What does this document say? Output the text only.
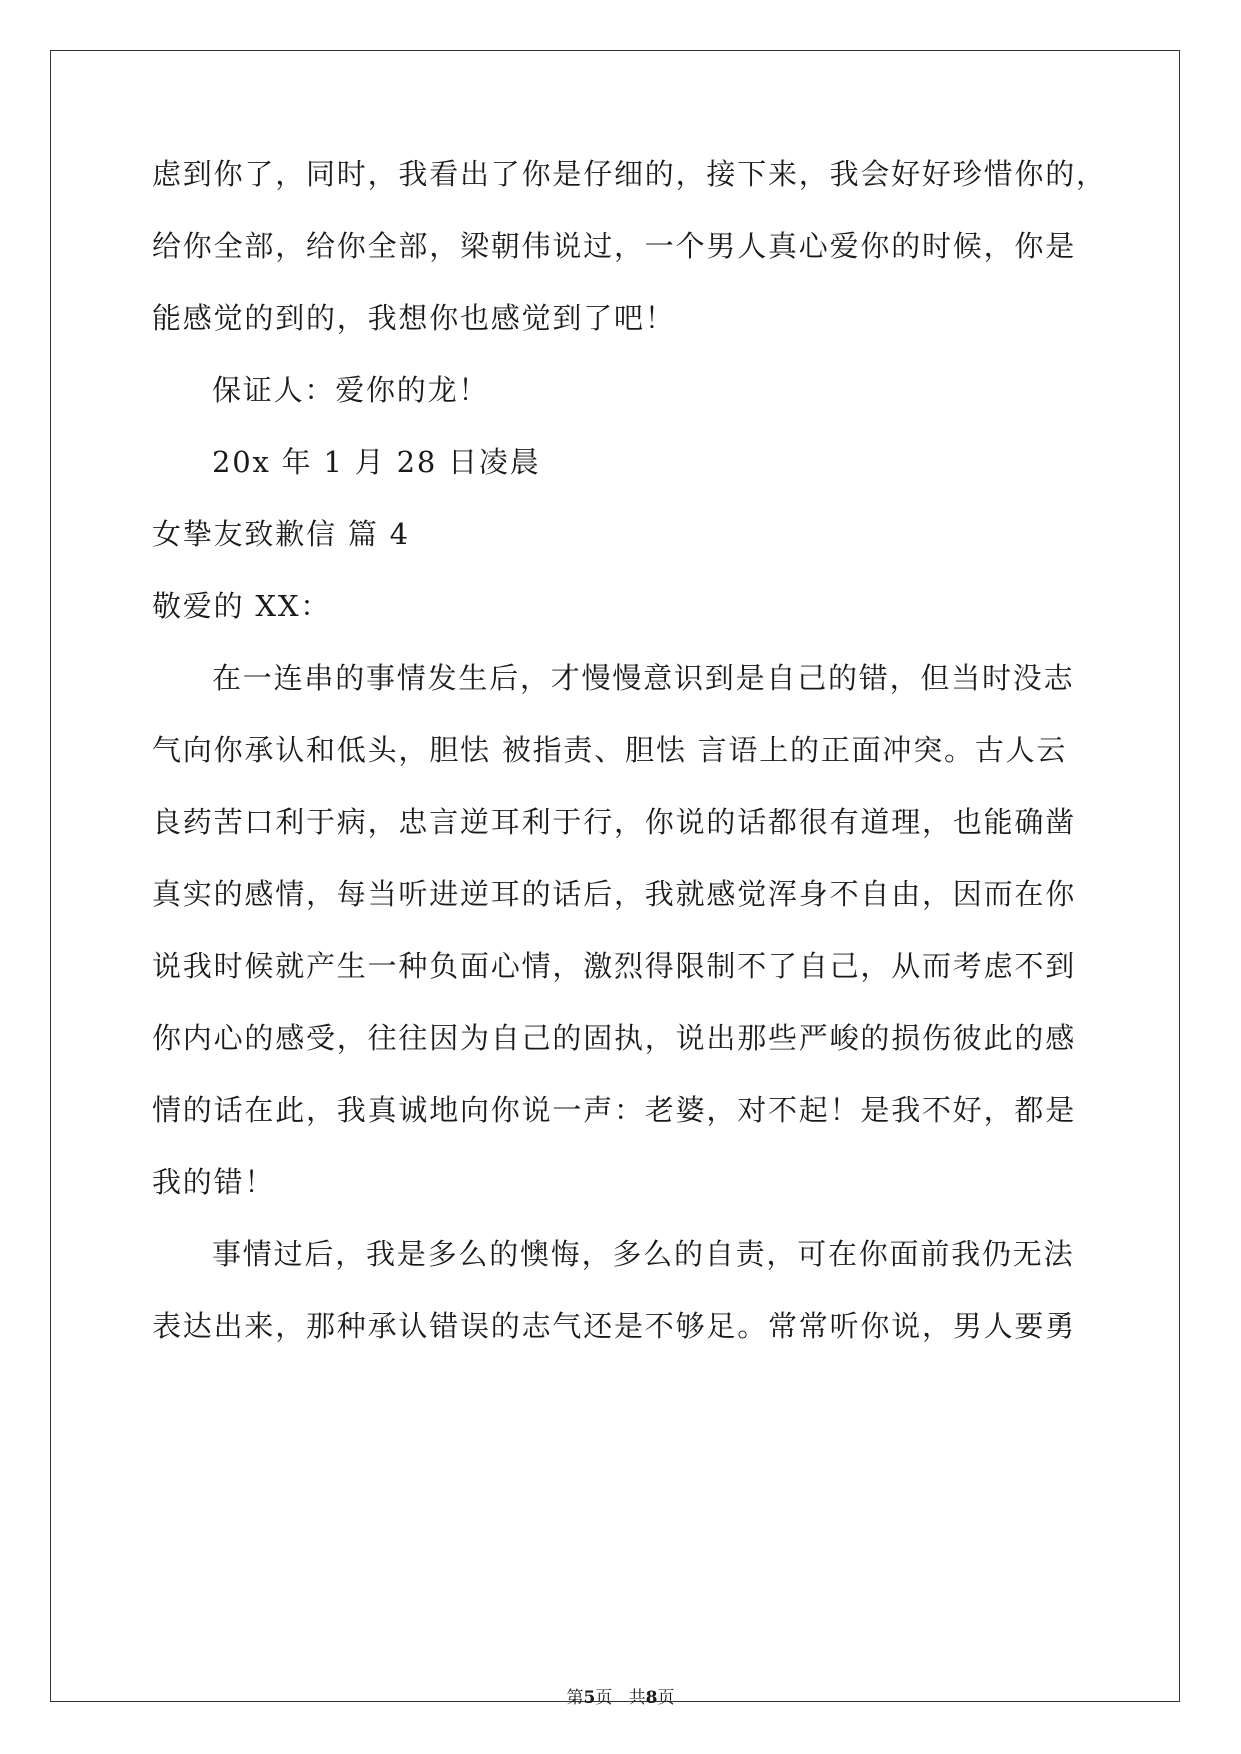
虑到你了，同时，我看出了你是仔细的，接下来，我会好好珍惜你的，

给你全部，给你全部，梁朝伟说过，一个男人真心爱你的时候，你是

能感觉的到的，我想你也感觉到了吧！

保证人：爱你的龙！

20x 年 1 月 28 日凌晨

女挚友致歉信 篇 4

敬爱的 XX：

在一连串的事情发生后，才慢慢意识到是自己的错，但当时没志

气向你承认和低头，胆怯 被指责、胆怯 言语上的正面冲突。古人云

良药苦口利于病，忠言逆耳利于行，你说的话都很有道理，也能确凿

真实的感情，每当听进逆耳的话后，我就感觉浑身不自由，因而在你

说我时候就产生一种负面心情，激烈得限制不了自己，从而考虑不到

你内心的感受，往往因为自己的固执，说出那些严峻的损伤彼此的感

情的话在此，我真诚地向你说一声：老婆，对不起！是我不好，都是

我的错！

事情过后，我是多么的懊悔，多么的自责，可在你面前我仍无法

表达出来，那种承认错误的志气还是不够足。常常听你说，男人要勇

第5页 共8页
